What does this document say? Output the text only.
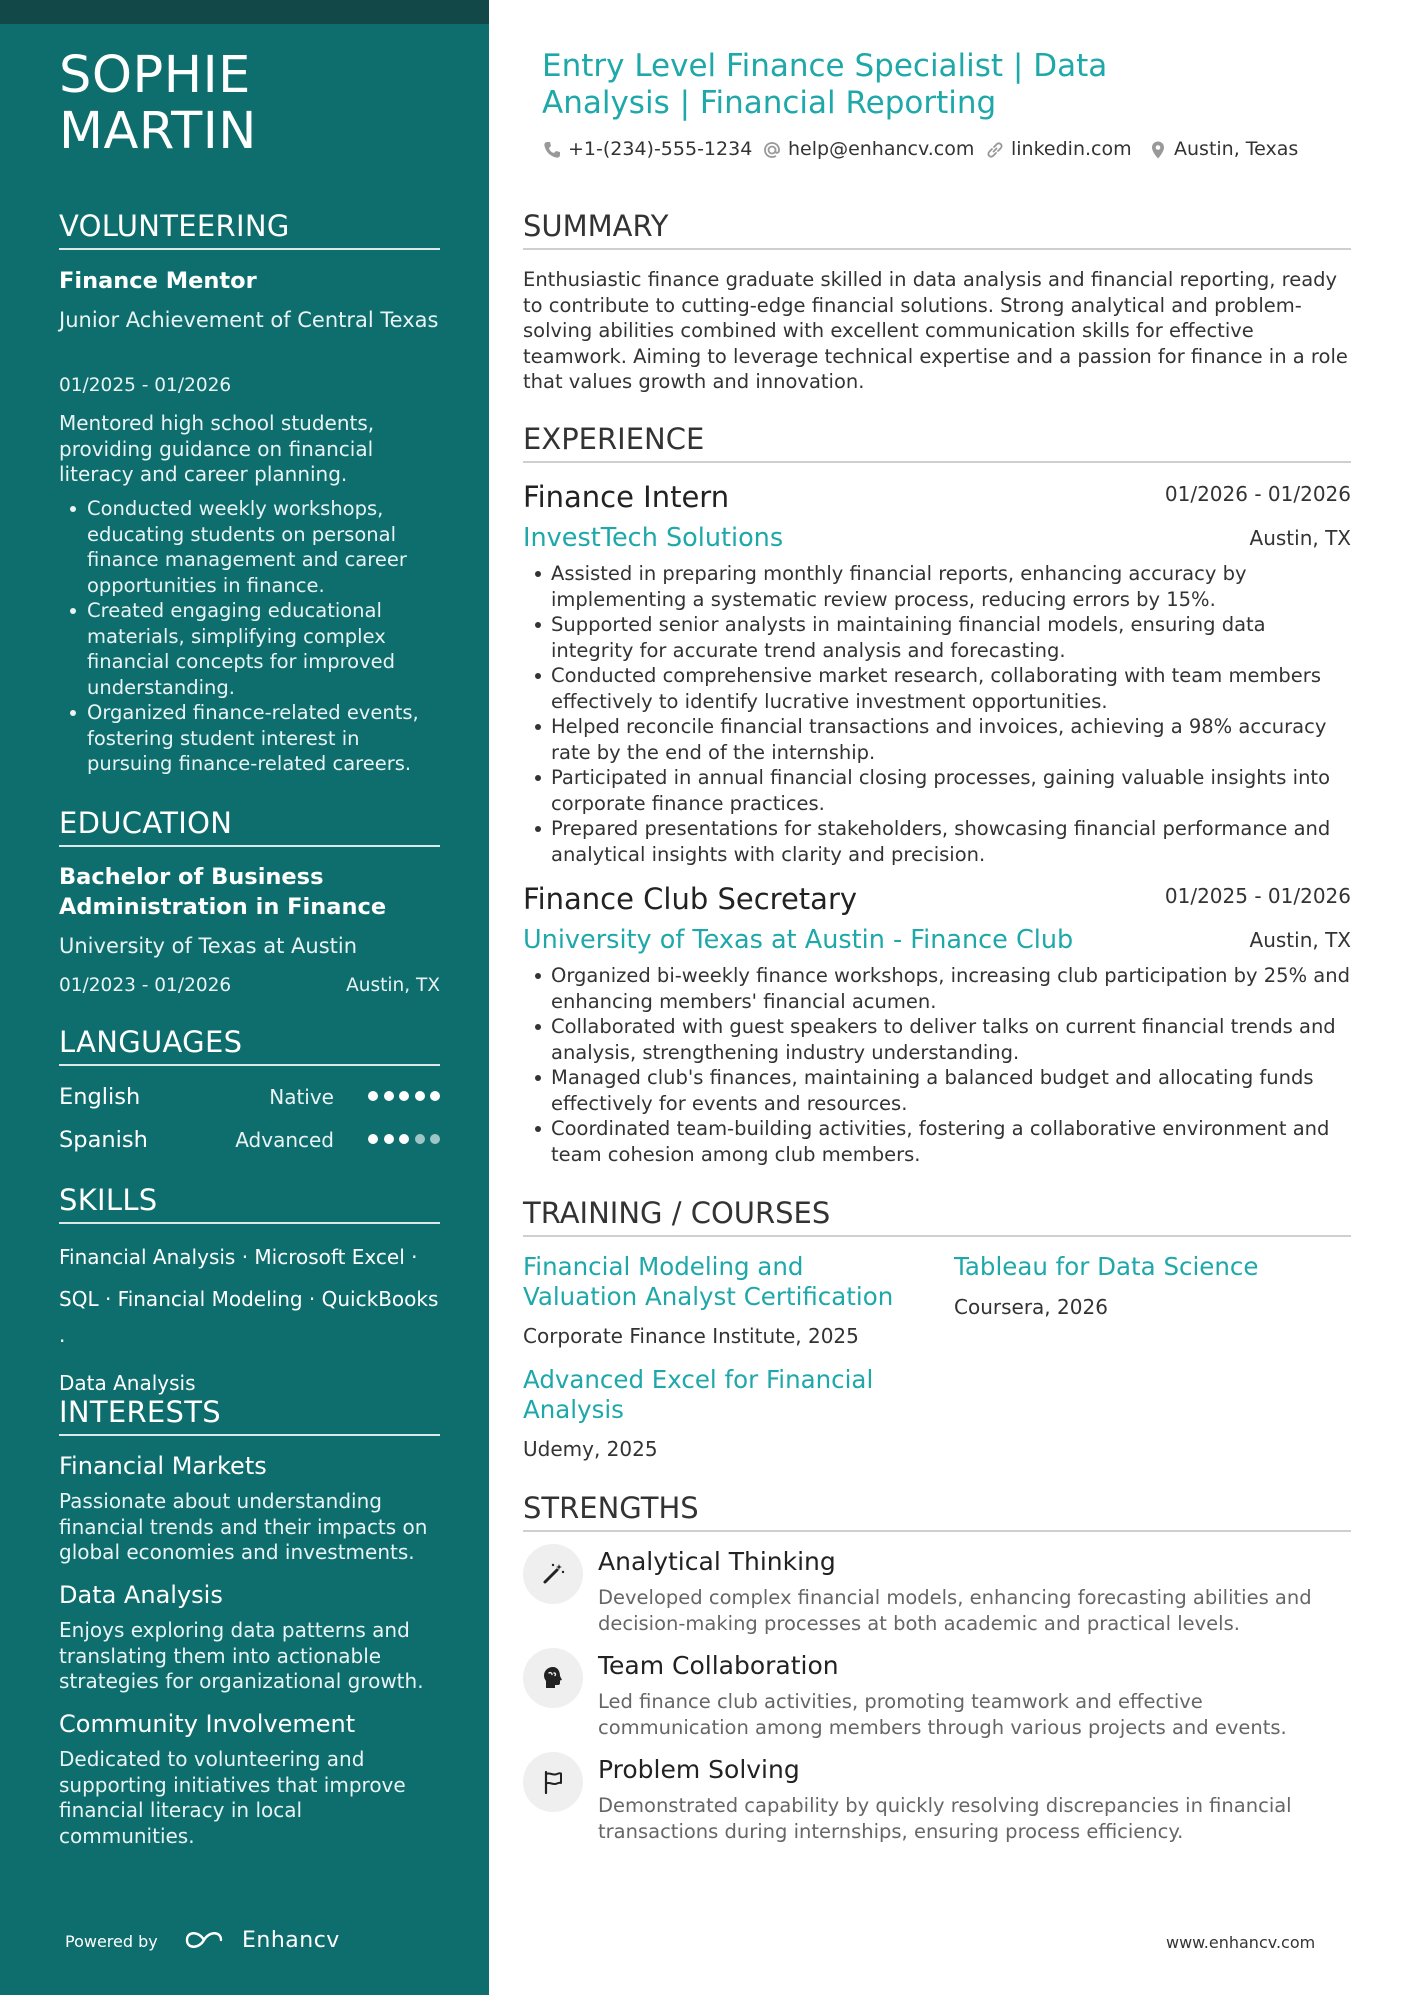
SOPHIE
MARTIN
VOLUNTEERING
Finance Mentor
Junior Achievement of Central Texas
01/2025 - 01/2026
Mentored high school students, providing guidance on financial literacy and career planning.
Conducted weekly workshops, educating students on personal finance management and career opportunities in finance.
Created engaging educational materials, simplifying complex financial concepts for improved understanding.
Organized finance-related events, fostering student interest in pursuing finance-related careers.
EDUCATION
Bachelor of Business Administration in Finance
University of Texas at Austin
01/2023 - 01/2026	Austin, TX
LANGUAGES
English	Native
Spanish	Advanced
SKILLS
Financial Analysis · Microsoft Excel ·
SQL · Financial Modeling · QuickBooks ·
Data Analysis
INTERESTS
Financial Markets
Passionate about understanding financial trends and their impacts on global economies and investments.
Data Analysis
Enjoys exploring data patterns and translating them into actionable strategies for organizational growth.
Community Involvement
Dedicated to volunteering and supporting initiatives that improve financial literacy in local communities.
Powered by	Enhancv
Entry Level Finance Specialist | Data Analysis | Financial Reporting
+1-(234)-555-1234 help@enhancv.com linkedin.com Austin, Texas
SUMMARY
Enthusiastic finance graduate skilled in data analysis and financial reporting, ready to contribute to cutting-edge financial solutions. Strong analytical and problem-solving abilities combined with excellent communication skills for effective teamwork. Aiming to leverage technical expertise and a passion for finance in a role that values growth and innovation.
EXPERIENCE
Finance Intern	01/2026 - 01/2026
InvestTech Solutions	Austin, TX
Assisted in preparing monthly financial reports, enhancing accuracy by implementing a systematic review process, reducing errors by 15%.
Supported senior analysts in maintaining financial models, ensuring data integrity for accurate trend analysis and forecasting.
Conducted comprehensive market research, collaborating with team members effectively to identify lucrative investment opportunities.
Helped reconcile financial transactions and invoices, achieving a 98% accuracy rate by the end of the internship.
Participated in annual financial closing processes, gaining valuable insights into corporate finance practices.
Prepared presentations for stakeholders, showcasing financial performance and analytical insights with clarity and precision.
Finance Club Secretary	01/2025 - 01/2026
University of Texas at Austin - Finance Club	Austin, TX
Organized bi-weekly finance workshops, increasing club participation by 25% and enhancing members' financial acumen.
Collaborated with guest speakers to deliver talks on current financial trends and analysis, strengthening industry understanding.
Managed club's finances, maintaining a balanced budget and allocating funds effectively for events and resources.
Coordinated team-building activities, fostering a collaborative environment and team cohesion among club members.
TRAINING / COURSES
Financial Modeling and Valuation Analyst Certification
Corporate Finance Institute, 2025
Tableau for Data Science
Coursera, 2026
Advanced Excel for Financial Analysis
Udemy, 2025
STRENGTHS
Analytical Thinking
Developed complex financial models, enhancing forecasting abilities and decision-making processes at both academic and practical levels.
Team Collaboration
Led finance club activities, promoting teamwork and effective communication among members through various projects and events.
Problem Solving
Demonstrated capability by quickly resolving discrepancies in financial transactions during internships, ensuring process efficiency.
www.enhancv.com
